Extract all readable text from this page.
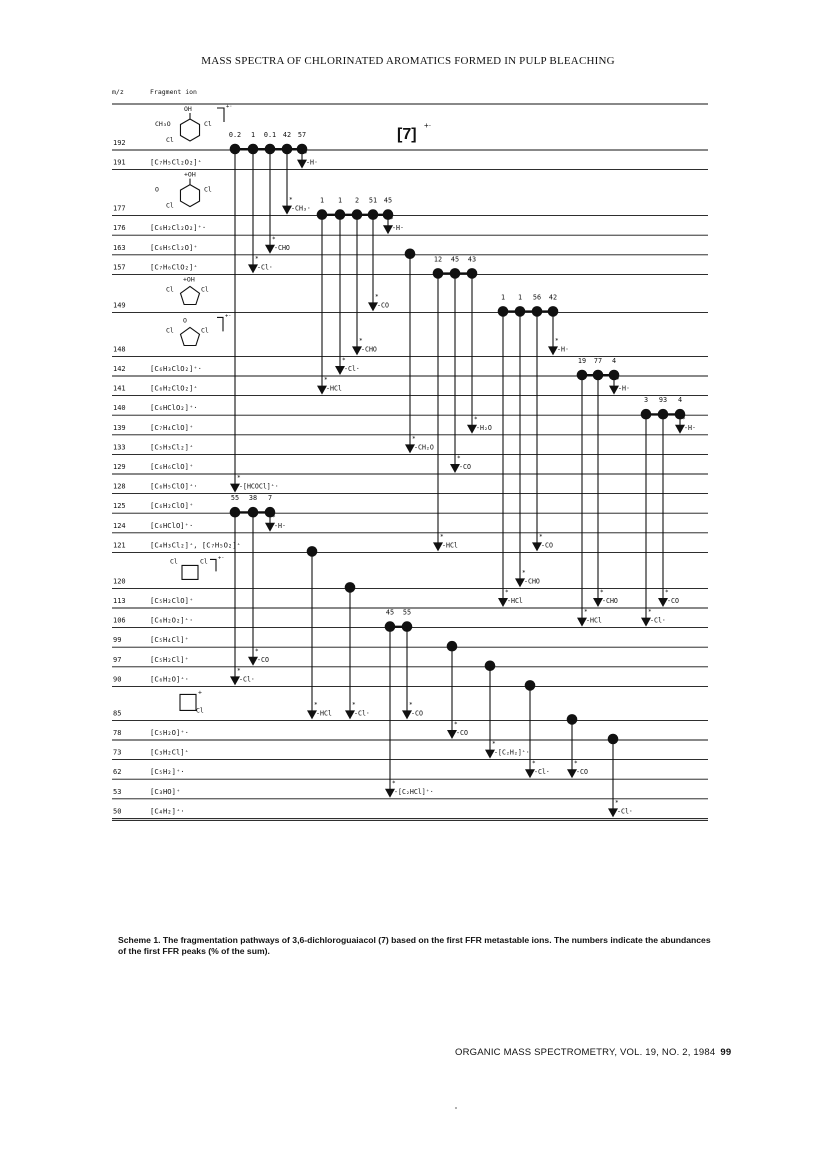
MASS SPECTRA OF CHLORINATED AROMATICS FORMED IN PULP BLEACHING
m/z	Fragment ion
192
OH
CH₃O	Cl
Cl
+·
191	[C₇H₅Cl₂O₂]⁺
177
+OH
O	Cl
Cl
176	[C₆H₂Cl₂O₂]⁺·
163	[C₆H₅Cl₂O]⁺
157	[C₇H₆ClO₂]⁺
149
+OH
Cl	Cl
148
O
Cl	Cl
+·
142	[C₆H₃ClO₂]⁺·
141	[C₆H₂ClO₂]⁺
140	[C₆HClO₂]⁺·
139	[C₇H₄ClO]⁺
133	[C₅H₃Cl₂]⁺
129	[C₆H₆ClO]⁺
128	[C₆H₅ClO]⁺·
125	[C₆H₂ClO]⁺
124	[C₆HClO]⁺·
121	[C₄H₃Cl₂]⁺, [C₇H₅O₂]⁺
120
Cl	Cl +·
113	[C₅H₂ClO]⁺
106	[C₆H₂O₂]⁺·
99	[C₅H₄Cl]⁺
97	[C₅H₂Cl]⁺
90	[C₆H₂O]⁺·
85
+
Cl
78	[C₅H₂O]⁺·
73	[C₃H₂Cl]⁺
62	[C₅H₂]⁺·
53	[C₃HO]⁺
50	[C₄H₂]⁺·
[7]
+·
0.2 1 0.1 42 57
1 1 2 51 45
12 45 43
1 1 56 42
19 77 4
3 93 4
55 38 7
45 55
*
-[HCOCl]⁺·
*
-Cl·
*
-CHO
*
-CH₃·
*
-H·
*
-HCl
*
-Cl·
*
-CHO
*
-CO
*
-H·
*
-CH₂O
*
-HCl
*
-CO
*
-H₂O
*
-HCl
*
-CHO
*
-CO
*
-H·
*
-HCl
*
-CHO
*
-H·
*
-Cl·
*
-CO
*
-H·
*
-Cl·
*
-CO
*
-H·
*
-HCl
*
-Cl·
*
-[C₂HCl]⁺·
*
-CO
*
-CO
*
-[C₂H₂]⁺·
*
-Cl·
*
-CO
*
-Cl·
Scheme 1. The fragmentation pathways of 3,6-dichloroguaiacol (7) based on the first FFR metastable ions. The numbers indicate the abundances of the first FFR peaks (% of the sum).
ORGANIC MASS SPECTROMETRY, VOL. 19, NO. 2, 1984 99
